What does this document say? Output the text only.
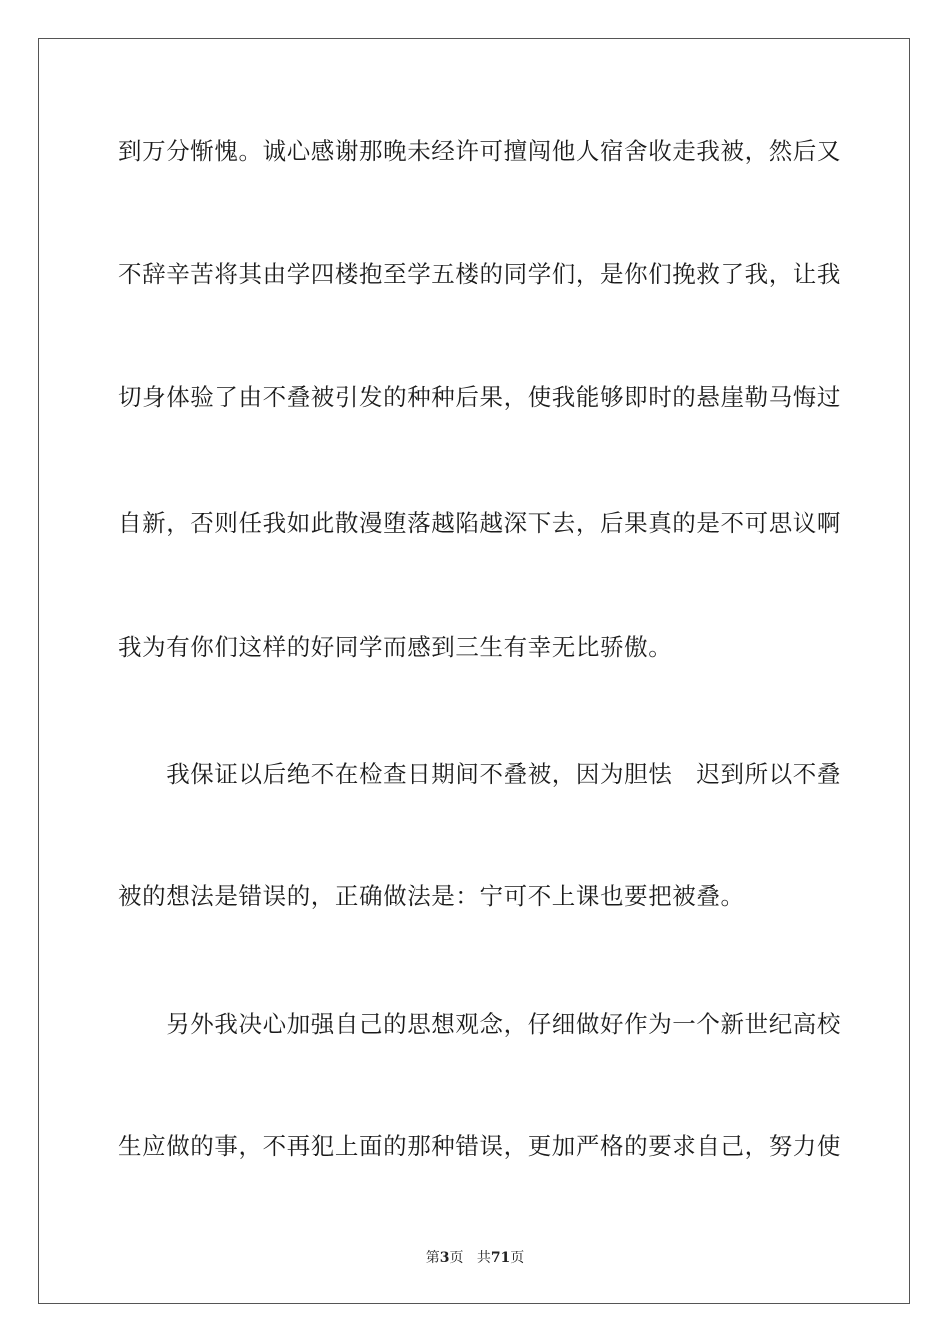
到万分惭愧。诚心感谢那晚未经许可擅闯他人宿舍收走我被，然后又
不辞辛苦将其由学四楼抱至学五楼的同学们，是你们挽救了我，让我
切身体验了由不叠被引发的种种后果，使我能够即时的悬崖勒马悔过
自新，否则任我如此散漫堕落越陷越深下去，后果真的是不可思议啊
我为有你们这样的好同学而感到三生有幸无比骄傲。
　　我保证以后绝不在检查日期间不叠被，因为胆怯　迟到所以不叠
被的想法是错误的，正确做法是：宁可不上课也要把被叠。
　　另外我决心加强自己的思想观念，仔细做好作为一个新世纪高校
生应做的事，不再犯上面的那种错误，更加严格的要求自己，努力使
第3页 共71页
